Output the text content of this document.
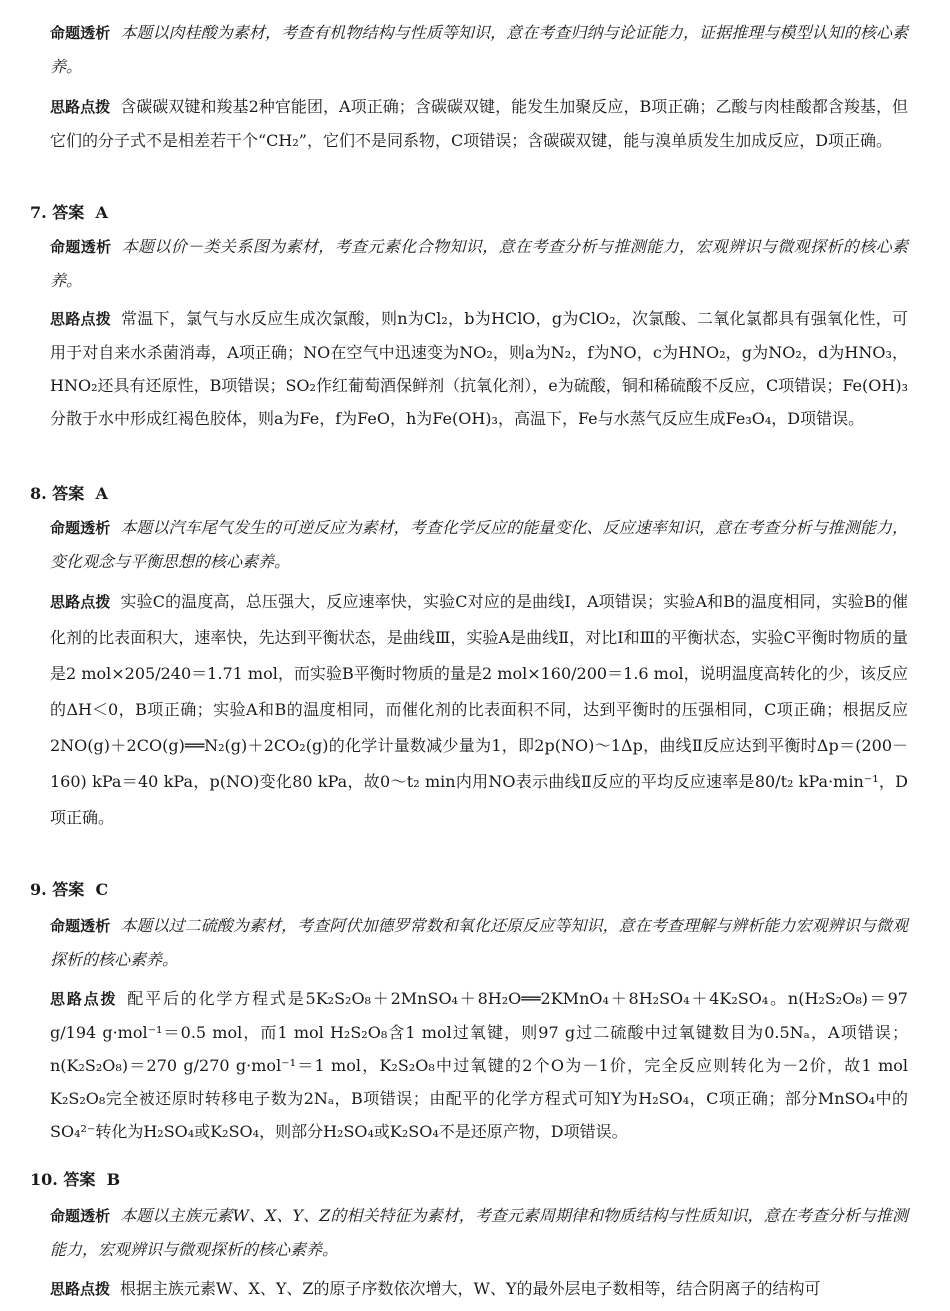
命题透析 本题以肉桂酸为素材，考查有机物结构与性质等知识，意在考查归纳与论证能力，证据推理与模型认知的核心素养。
思路点拨 含碳碳双键和羧基2种官能团，A项正确；含碳碳双键，能发生加聚反应，B项正确；乙酸与肉桂酸都含羧基，但它们的分子式不是相差若干个“CH₂”，它们不是同系物，C项错误；含碳碳双键，能与溴单质发生加成反应，D项正确。
7. 答案 A
命题透析 本题以价－类关系图为素材，考查元素化合物知识，意在考查分析与推测能力，宏观辨识与微观探析的核心素养。
思路点拨 常温下，氯气与水反应生成次氯酸，则n为Cl₂，b为HClO，g为ClO₂，次氯酸、二氧化氯都具有强氧化性，可用于对自来水杀菌消毒，A项正确；NO在空气中迅速变为NO₂，则a为N₂，f为NO，c为HNO₂，g为NO₂，d为HNO₃，HNO₂还具有还原性，B项错误；SO₂作红葡萄酒保鲜剂（抗氧化剂），e为硫酸，铜和稀硫酸不反应，C项错误；Fe(OH)₃分散于水中形成红褐色胶体，则a为Fe，f为FeO，h为Fe(OH)₃，高温下，Fe与水蒸气反应生成Fe₃O₄，D项错误。
8. 答案 A
命题透析 本题以汽车尾气发生的可逆反应为素材，考查化学反应的能量变化、反应速率知识，意在考查分析与推测能力，变化观念与平衡思想的核心素养。
思路点拨 实验C的温度高，总压强大，反应速率快，实验C对应的是曲线Ⅰ，A项错误；实验A和B的温度相同，实验B的催化剂的比表面积大，速率快，先达到平衡状态，是曲线Ⅲ，实验A是曲线Ⅱ，对比Ⅰ和Ⅲ的平衡状态，实验C平衡时物质的量是2 mol×205/240＝1.71 mol，而实验B平衡时物质的量是2 mol×160/200＝1.6 mol，说明温度高转化的少，该反应的ΔH＜0，B项正确；实验A和B的温度相同，而催化剂的比表面积不同，达到平衡时的压强相同，C项正确；根据反应2NO(g)＋2CO(g)══N₂(g)＋2CO₂(g)的化学计量数减少量为1，即2p(NO)～1Δp，曲线Ⅱ反应达到平衡时Δp＝(200－160) kPa＝40 kPa，p(NO)变化80 kPa，故0～t₂ min内用NO表示曲线Ⅱ反应的平均反应速率是80/t₂ kPa·min⁻¹，D项正确。
9. 答案 C
命题透析 本题以过二硫酸为素材，考查阿伏加德罗常数和氧化还原反应等知识，意在考查理解与辨析能力宏观辨识与微观探析的核心素养。
思路点拨 配平后的化学方程式是5K₂S₂O₈＋2MnSO₄＋8H₂O══2KMnO₄＋8H₂SO₄＋4K₂SO₄。n(H₂S₂O₈)＝97 g/194 g·mol⁻¹＝0.5 mol，而1 mol H₂S₂O₈含1 mol过氧键，则97 g过二硫酸中过氧键数目为0.5Nₐ，A项错误；n(K₂S₂O₈)＝270 g/270 g·mol⁻¹＝1 mol，K₂S₂O₈中过氧键的2个O为－1价，完全反应则转化为－2价，故1 mol K₂S₂O₈完全被还原时转移电子数为2Nₐ，B项错误；由配平的化学方程式可知Y为H₂SO₄，C项正确；部分MnSO₄中的SO₄²⁻转化为H₂SO₄或K₂SO₄，则部分H₂SO₄或K₂SO₄不是还原产物，D项错误。
10. 答案 B
命题透析 本题以主族元素W、X、Y、Z的相关特征为素材，考查元素周期律和物质结构与性质知识，意在考查分析与推测能力，宏观辨识与微观探析的核心素养。
思路点拨 根据主族元素W、X、Y、Z的原子序数依次增大，W、Y的最外层电子数相等，结合阴离子的结构可
